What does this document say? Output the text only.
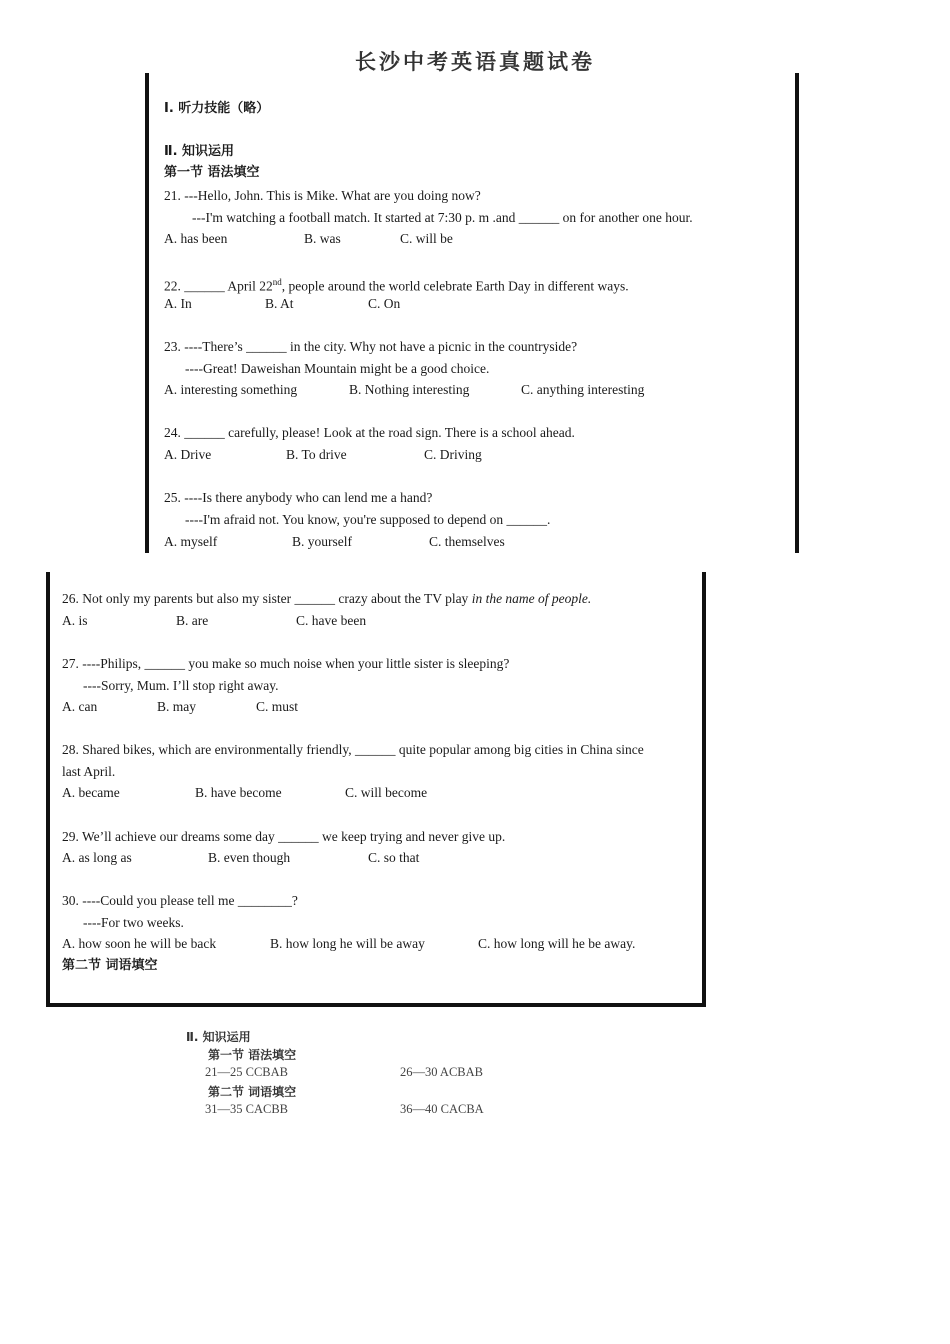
长沙中考英语真题试卷
Ⅰ. 听力技能（略）
Ⅱ. 知识运用
第一节 语法填空
21. ---Hello, John. This is Mike. What are you doing now?
---I'm watching a football match. It started at 7:30 p. m .and ______ on for another one hour.
A. has been	B. was	C. will be
22. ______ April 22nd, people around the world celebrate Earth Day in different ways.
A. In	B. At	C. On
23. ----There’s ______ in the city. Why not have a picnic in the countryside?
----Great! Daweishan Mountain might be a good choice.
A. interesting something	B. Nothing interesting	C. anything interesting
24. ______ carefully, please! Look at the road sign. There is a school ahead.
A. Drive	B. To drive	C. Driving
25. ----Is there anybody who can lend me a hand?
----I'm afraid not. You know, you're supposed to depend on ______.
A. myself	B. yourself	C. themselves
26. Not only my parents but also my sister ______ crazy about the TV play in the name of people.
A. is	B. are	C. have been
27. ----Philips, ______ you make so much noise when your little sister is sleeping?
----Sorry, Mum. I’ll stop right away.
A. can	B. may	C. must
28. Shared bikes, which are environmentally friendly, ______ quite popular among big cities in China since
last April.
A. became	B. have become	C. will become
29. We’ll achieve our dreams some day ______ we keep trying and never give up.
A. as long as	B. even though	C. so that
30. ----Could you please tell me ________?
----For two weeks.
A. how soon he will be back	B. how long he will be away	C. how long will he be away.
第二节 词语填空
Ⅱ. 知识运用
第一节 语法填空
21—25 CCBAB	26—30 ACBAB
第二节 词语填空
31—35 CACBB	36—40 CACBA
